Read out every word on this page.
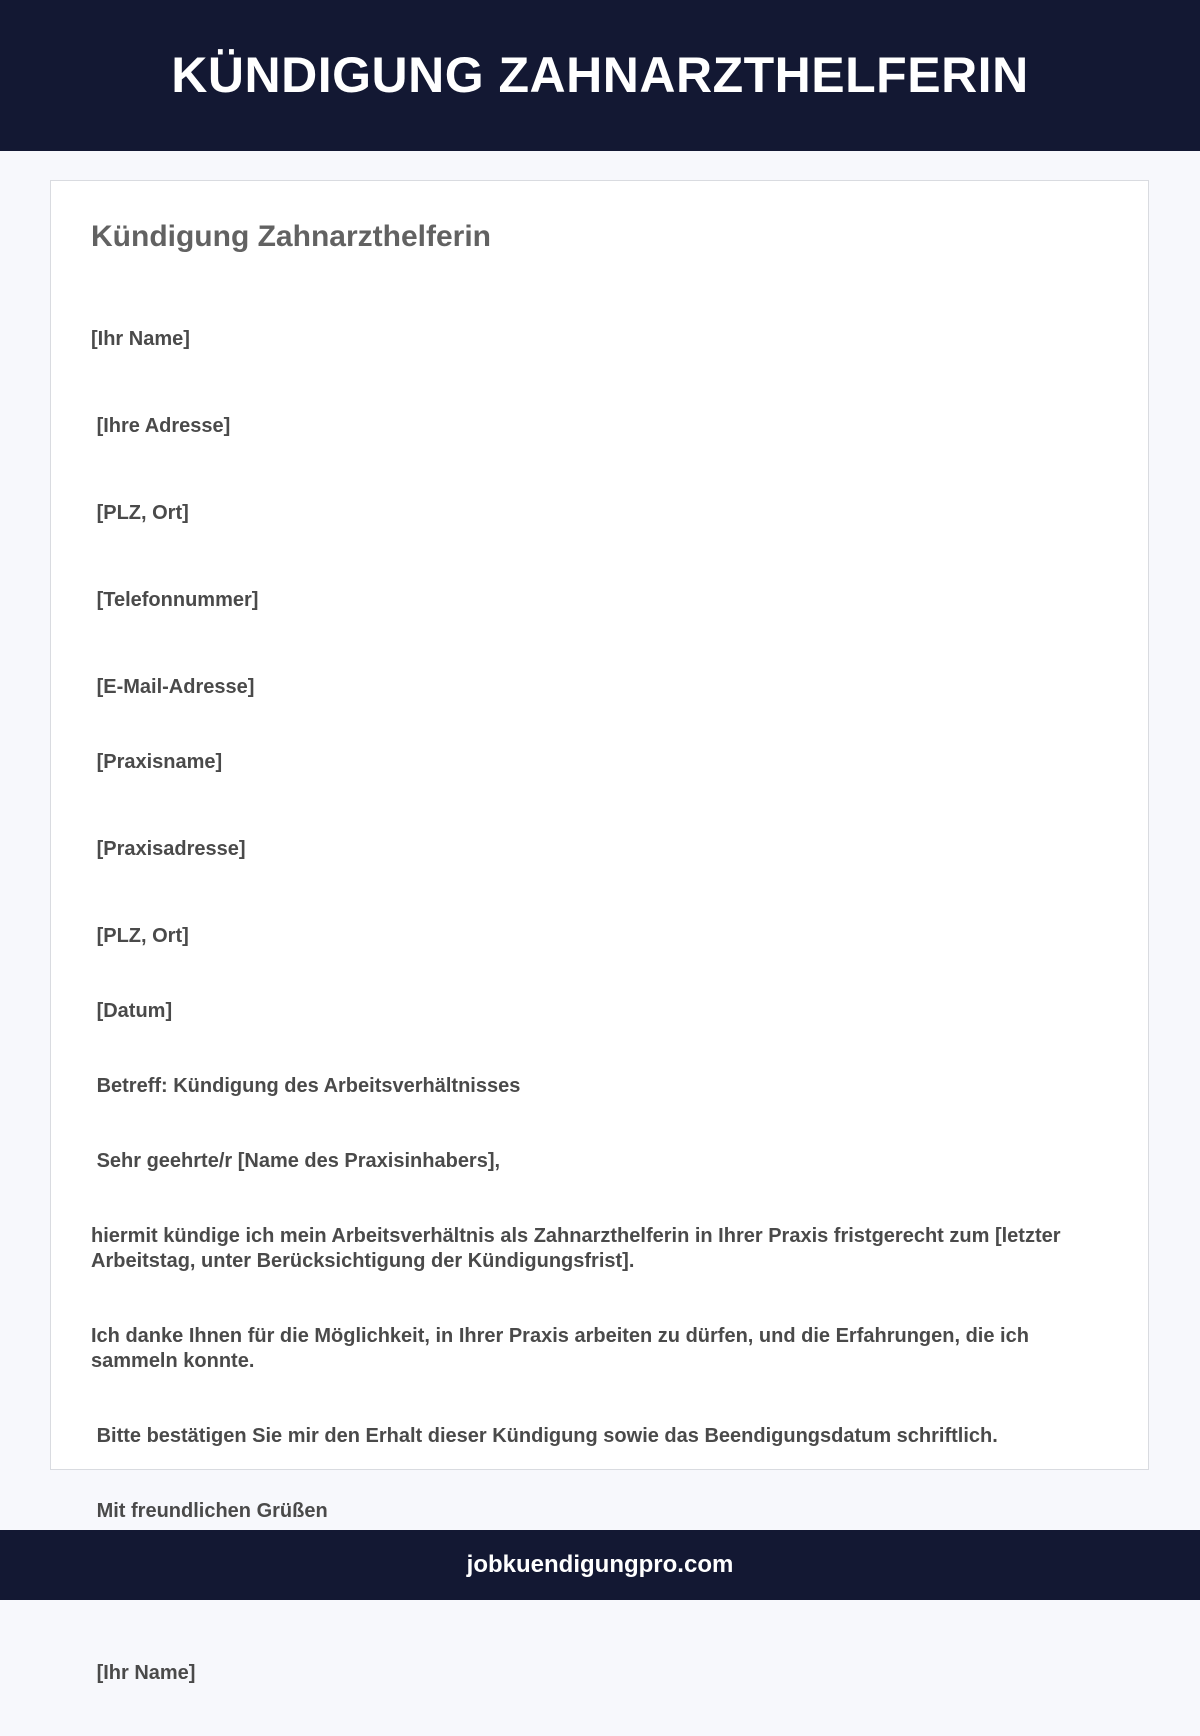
KÜNDIGUNG ZAHNARZTHELFERIN
Kündigung Zahnarzthelferin

[Ihr Name]

[Ihre Adresse]

[PLZ, Ort]

[Telefonnummer]

[E-Mail-Adresse]

[Praxisname]

[Praxisadresse]

[PLZ, Ort]

[Datum]

Betreff: Kündigung des Arbeitsverhältnisses

Sehr geehrte/r [Name des Praxisinhabers],

hiermit kündige ich mein Arbeitsverhältnis als Zahnarzthelferin in Ihrer Praxis fristgerecht zum [letzter Arbeitstag, unter Berücksichtigung der Kündigungsfrist].

Ich danke Ihnen für die Möglichkeit, in Ihrer Praxis arbeiten zu dürfen, und die Erfahrungen, die ich sammeln konnte.

Bitte bestätigen Sie mir den Erhalt dieser Kündigung sowie das Beendigungsdatum schriftlich.

Mit freundlichen Grüßen

[Ihr Name]

jobkuendigungpro.com
